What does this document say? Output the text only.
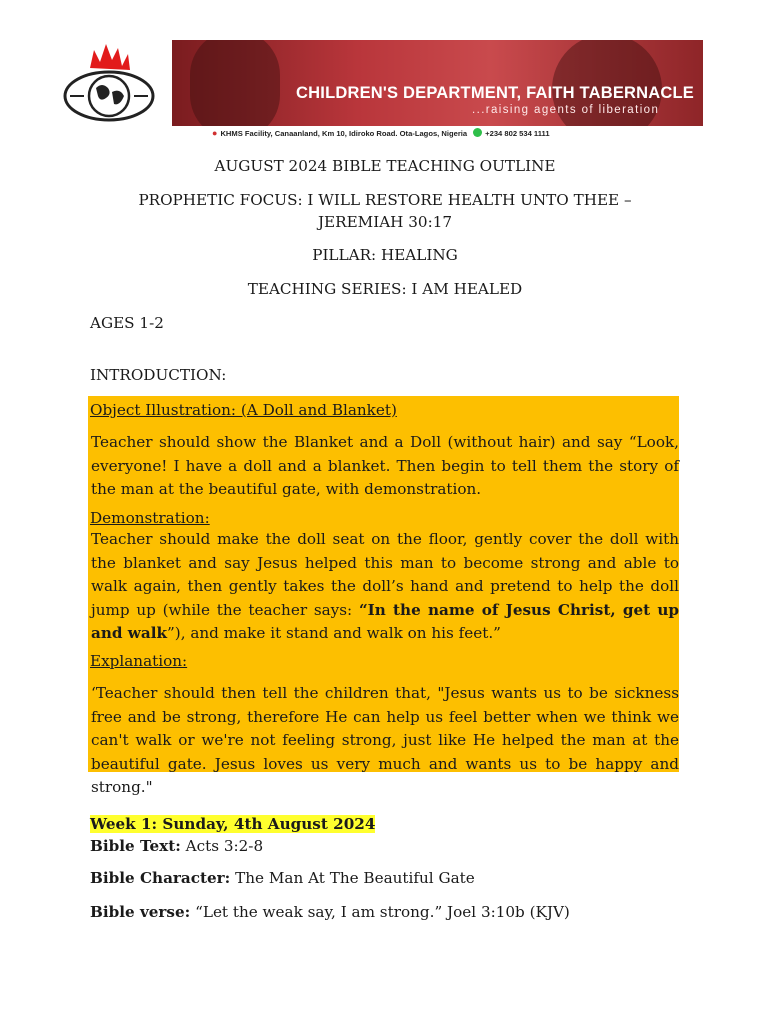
CHILDREN'S DEPARTMENT, FAITH TABERNACLE
...raising agents of liberation
● KHMS Facility, Canaanland, Km 10, Idiroko Road. Ota-Lagos, Nigeria +234 802 534 1111
AUGUST 2024 BIBLE TEACHING OUTLINE
PROPHETIC FOCUS: I WILL RESTORE HEALTH UNTO THEE –
JEREMIAH 30:17
PILLAR: HEALING
TEACHING SERIES: I AM HEALED
AGES 1-2
INTRODUCTION:
Object Illustration: (A Doll and Blanket)
Teacher should show the Blanket and a Doll (without hair) and say “Look, everyone! I have a doll and a blanket. Then begin to tell them the story of the man at the beautiful gate, with demonstration.
Demonstration:
Teacher should make the doll seat on the floor, gently cover the doll with the blanket and say Jesus helped this man to become strong and able to walk again, then gently takes the doll’s hand and pretend to help the doll jump up (while the teacher says: “In the name of Jesus Christ, get up and walk”), and make it stand and walk on his feet.”
Explanation:
‘Teacher should then tell the children that, "Jesus wants us to be sickness free and be strong, therefore He can help us feel better when we think we can't walk or we're not feeling strong, just like He helped the man at the beautiful gate. Jesus loves us very much and wants us to be happy and strong."
Week 1: Sunday, 4th August 2024
Bible Text: Acts 3:2-8
Bible Character: The Man At The Beautiful Gate
Bible verse: “Let the weak say, I am strong.” Joel 3:10b (KJV)
